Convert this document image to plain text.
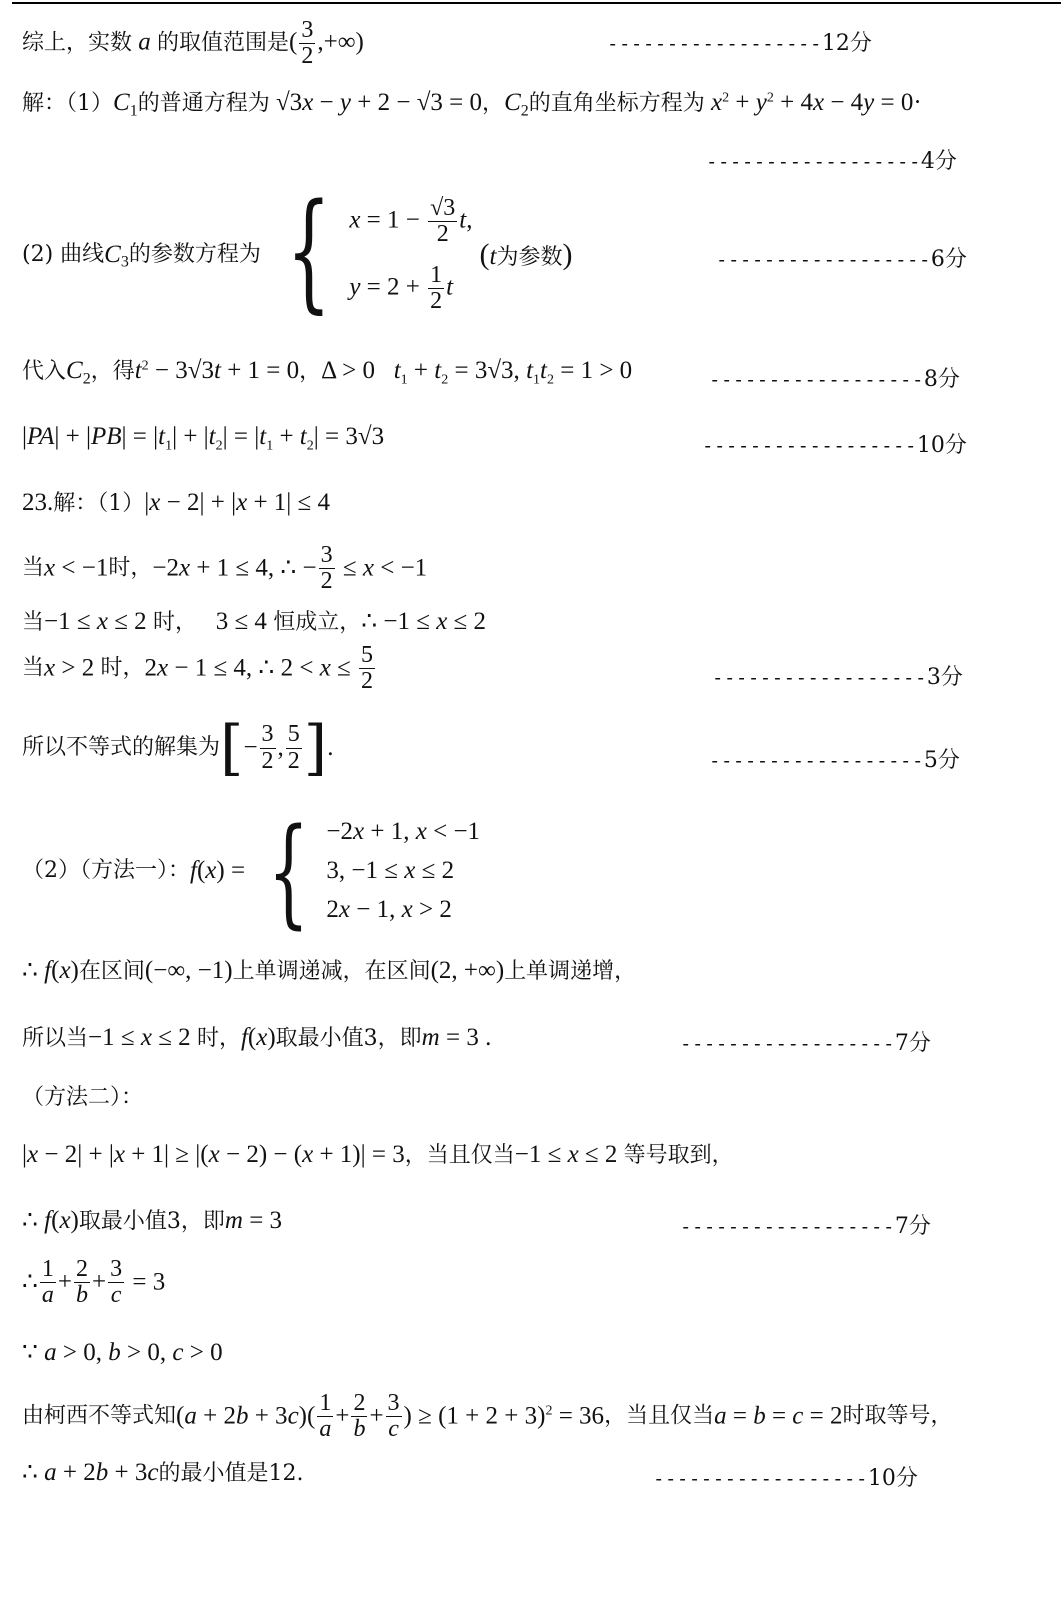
综上，实数 a 的取值范围是( $\frac{3}{2}$ ,+∞)	------------------12分
解：$(1)C_1$的普通方程为 √3x − y + 2 − √3 = 0，$C_2$的直角坐标方程为 $x^2 + y^2 + 4x - 4y = 0\cdot$
------------------4分
(2) 曲线$C_3$的参数方程为 { $x = 1 - \frac{√3}{2} t$,
$y = 2 + \frac{1}{2}$ t
(t为参数)	------------------6分
代入$C_2$，得$t^2 - 3√3t + 1 = 0$，Δ > 0   $t_1 + t_2 = 3√3$, $t_1t_2 = 1 > 0$	------------------8分
$|PA| + |PB| = |t_1| + |t_2| = |t_1 + t_2| = 3√3$	------------------10分
23.解：（1）|x − 2| + |x + 1| ≤ 4
当x < −1时，−2x + 1 ≤ 4, ∴ − $\frac{3}{2} \le x < -1$
当−1 ≤ x ≤ 2 时，   3 ≤ 4 恒成立，∴ −1 ≤ x ≤ 2
当x > 2 时，2x − 1 ≤ 4, ∴ $2 < x \le \frac{5}{2}$	------------------3分
所以不等式的解集为[− $\frac{3}{2}$ , $\frac{5}{2}$ ].	------------------5分
（2）（方法一）：f(x) = { −2x + 1, x < −1
3, −1 ≤ x ≤ 2
2x − 1, x > 2
∴ f(x)在区间(−∞, −1)上单调递减，在区间(2, +∞)上单调递增，
所以当−1 ≤ x ≤ 2 时，f(x)取最小值3，即m = 3 .	------------------7分
（方法二）：
|x − 2| + |x + 1| ≥ |(x − 2) − (x + 1)| = 3，当且仅当−1 ≤ x ≤ 2 等号取到，
∴ f(x)取最小值3，即m = 3	------------------7分
∴ $\frac{1}{a} + \frac{2}{b} + \frac{3}{c} = 3$
∵ a > 0, b > 0, c > 0
由柯西不等式知$(a + 2b + 3c)( \frac{1}{a} + \frac{2}{b} + \frac{3}{c}$ ) ≥ $(1 + 2 + 3)^2 = 36$，当且仅当a = b = c = 2时取等号，
∴ a + 2b + 3c的最小值是12.	------------------10分
